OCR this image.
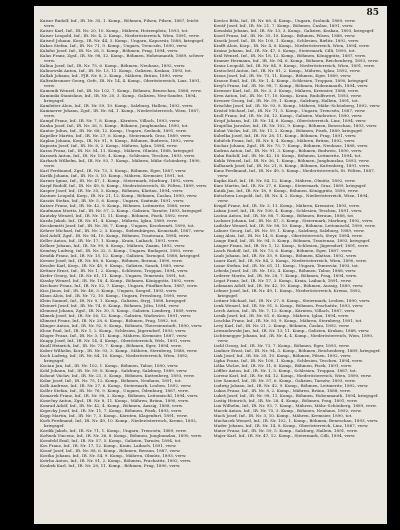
85

Kaiser Rudolf, Inf., IR. Nr. 35, 1. Komp., Böhmen, Pilsen, Pilsen, 1887, leicht verw.

Kaiser Karl, Inf., IR. Nr. 20, 10. Komp., Mähren, Hotzenplotz, 1893, tot.

Kaiser Leopold, Inf., IR. Nr. 4, 2. Komp., Niederösterreich, Wien, 1891, verw.

Kaiserl Johann, Korp., IR. Nr. 44, 3. Komp., Ungarn, Kaposvár, 1888, kriegsgef.

Kakos Stefan, Inf., IR. Nr. 71, 9. Komp., Ungarn, Trencsén, 1890, verw.

Kalafut Josef, Inf., IR. Nr. 28, 5. Komp., Böhmen, Prag, 1894, verw.

Kalas Franz, Zgsf., IR. Nr. 98, 12. Komp., Böhmen, Hohenmauth, 1889, schwer verw.

Kalina Josef, Inf., IR. Nr. 75, 6. Komp., Böhmen, Neuhaus, 1892, verw.

Kalinowski Anton, Inf., IR. Nr. 13, 11. Komp., Galizien, Krakau, 1893, tot.

Kallab Johann, Inf., FJB. Nr. 8, 2. Komp., Mähren, Brünn, 1890, verw.

Kaltenbrunner Georg, Gefr., IR. Nr. 14, 4. Komp., Oberösterreich, Linz, 1891, verw.

Kamenik Wenzel, Inf., IR. Nr. 102, 7. Komp., Böhmen, Beneschau, 1888, verw.

Kaminski Stanislaus, Inf., IR. Nr. 20, 3. Komp., Galizien, Neu-Sandez, 1894, kriegsgef.

Kamleiter Alois, Inf., IR. Nr. 59, 10. Komp., Salzburg, Hallein, 1892, verw.

Kammerer Johann, Zgsf., IR. Nr. 84, 1. Komp., Niederösterreich, Wien, 1887, verw.

Kampf Franz, Inf., IR. Nr. 7, 8. Komp., Kärnten, Villach, 1893, verw.

Kanka Josef, Inf., IR. Nr. 36, 5. Komp., Böhmen, Jungbunzlau, 1890, tot.

Kantor Julius, Inf., IR. Nr. 68, 12. Komp., Ungarn, Szolnok, 1891, verw.

Kapeller Martin, Inf., IR. Nr. 27, 6. Komp., Steiermark, Graz, 1889, verw.

Kaplan Johann, Korp., IR. Nr. 91, 9. Komp., Böhmen, Budweis, 1892, verw.

Kapusta Josef, Inf., IR. Nr. 8, 2. Komp., Mähren, Iglau, 1894, verw.

Karas Franz, Inf., IR. Nr. 54, 11. Komp., Mähren, Olmütz, 1888, kriegsgef.

Karasek Anton, Inf., IR. Nr. 100, 4. Komp., Schlesien, Teschen, 1893, verw.

Karbach Wilhelm, Inf., IR. Nr. 93, 7. Komp., Mähren, Mähr.-Schönberg, 1890, verw.

Karl Ferdinand, Zgsf., IR. Nr. 73, 3. Komp., Böhmen, Eger, 1887, verw.

Karlik Johann, Inf., IR. Nr. 3, 10. Komp., Mähren, Kremsier, 1891, tot.

Karner Ignaz, Inf., IR. Nr. 47, 1. Komp., Steiermark, Marburg, 1892, verw.

Karpf Rudolf, Inf., IR. Nr. 49, 8. Komp., Niederösterreich, St. Pölten, 1889, verw.

Kasper Josef, Inf., IR. Nr. 35, 5. Komp., Böhmen, Klattau, 1894, verw.

Kastner Leopold, Korp., IR. Nr. 21, 12. Komp., Böhmen, Časlau, 1890, verw.

Kaszás Stefan, Inf., IR. Nr. 5, 6. Komp., Ungarn, Szatmár, 1891, verw.

Katzer Franz, Inf., IR. Nr. 42, 9. Komp., Böhmen, Leitmeritz, 1888, verw.

Kaufmann Moritz, Inf., IR. Nr. 57, 2. Komp., Galizien, Tarnów, 1893, kriegsgef.

Kautzky Wenzel, Inf., IR. Nr. 11, 11. Komp., Böhmen, Pisek, 1892, verw.

Kazda Jakob, Inf., IR. Nr. 81, 4. Komp., Mähren, Iglau, 1889, verw.

Kecskeméti Josef, Inf., IR. Nr. 38, 7. Komp., Ungarn, Kecskemét, 1890, tot.

Kehrer Michael, Inf., IR. Nr. 2, 3. Komp., Siebenbürgen, Kronstadt, 1887, verw.

Keil Adolf, Zgsf., IR. Nr. 94, 10. Komp., Böhmen, Trautenau, 1894, verw.

Keller Anton, Inf., IR. Nr. 17, 1. Komp., Krain, Laibach, 1891, verw.

Kellner Johann, Inf., IR. Nr. 99, 8. Komp., Mähren, Znaim, 1892, verw.

Kemény Ludwig, Inf., IR. Nr. 32, 5. Komp., Ungarn, Budapest, 1893, verw.

Kendik Franz, Inf., IR. Nr. 15, 12. Komp., Galizien, Tarnopol, 1888, kriegsgef.

Kerner Josef, Inf., IR. Nr. 88, 6. Komp., Böhmen, Beraun, 1890, verw.

Kessler Karl, Korp., IR. Nr. 45, 9. Komp., Galizien, Sanok, 1889, verw.

Kettner Ernst, Inf., IR. Nr. 1, 2. Komp., Schlesien, Troppau, 1894, verw.

Kiefer Georg, Inf., IR. Nr. 61, 11. Komp., Ungarn, Temesvár, 1891, tot.

Kinsky Wenzel, Inf., IR. Nr. 18, 4. Komp., Böhmen, Königgrätz, 1892, verw.

Kirchner Franz, Inf., IR. Nr. 52, 7. Komp., Ungarn, Fünfkirchen, 1887, verw.

Kiss János, Inf., IR. Nr. 46, 3. Komp., Ungarn, Szeged, 1893, verw.

Klaus Alois, Inf., IR. Nr. 72, 10. Komp., Ungarn, Pressburg, 1890, verw.

Klein Samuel, Inf., IR. Nr. 9, 1. Komp., Galizien, Stryj, 1888, kriegsgef.

Kleinert Josef, Inf., IR. Nr. 74, 8. Komp., Böhmen, Jičin, 1894, verw.

Klement Johann, Zgsf., IR. Nr. 30, 5. Komp., Galizien, Lemberg, 1889, verw.

Klimek Josef, Inf., IR. Nr. 56, 12. Komp., Galizien, Wadowice, 1891, verw.

Kliment Franz, Inf., IR. Nr. 28, 6. Komp., Böhmen, Prag, 1892, tot.

Klinger Anton, Inf., IR. Nr. 92, 9. Komp., Böhmen, Theresienstadt, 1890, verw.

Klose Paul, Inf., IR. Nr. 1, 2. Komp., Schlesien, Jägerndorf, 1893, verw.

Kluger Franz, Inf., IR. Nr. 3, 11. Komp., Mähren, Kremsier, 1887, verw.

Knapp Josef, Inf., IR. Nr. 14, 4. Komp., Oberösterreich, Wels, 1891, verw.

Knoll Heinrich, Inf., IR. Nr. 73, 7. Komp., Böhmen, Eger, 1894, verw.

Kober Wilhelm, Korp., IR. Nr. 93, 3. Komp., Mähren, Sternberg, 1888, verw.

Koch Ludwig, Inf., IR. Nr. 84, 10. Komp., Niederösterreich, Wien, 1892, kriegsgef.

Kocian Jan, Inf., IR. Nr. 102, 1. Komp., Böhmen, Tabor, 1890, verw.

Kohl Johann, Inf., IR. Nr. 59, 8. Komp., Salzburg, Salzburg, 1889, verw.

Kohout Václav, Inf., IR. Nr. 21, 5. Komp., Böhmen, Kuttenberg, 1893, verw.

Kolar Josef, Inf., IR. Nr. 75, 12. Komp., Böhmen, Neuhaus, 1891, tot.

Kolb Andreas, Inf., IR. Nr. 27, 6. Komp., Steiermark, Leoben, 1892, verw.

Koller Stefan, Inf., IR. Nr. 76, 9. Komp., Ungarn, Ödenburg, 1887, verw.

Komarek Franz, Inf., IR. Nr. 98, 2. Komp., Böhmen, Leitomischl, 1894, verw.

Konečny Anton, Zgsf., IR. Nr. 8, 11. Komp., Mähren, Brünn, 1890, verw.

Konrad Adolf, Inf., IR. Nr. 42, 4. Komp., Böhmen, Aussig, 1888, verw.

Kopecky Josef, Inf., IR. Nr. 11, 7. Komp., Böhmen, Písek, 1893, verw.

Kopp Martin, Inf., IR. Nr. 7, 3. Komp., Kärnten, Klagenfurt, 1891, verw.

Korb Ferdinand, Inf., IR. Nr. 49, 10. Komp., Niederösterreich, Krems, 1892, kriegsgef.

Kordik Jakob, Inf., IR. Nr. 71, 1. Komp., Ungarn, Trencsén, 1889, verw.

Kořinek Vincenz, Inf., IR. Nr. 36, 8. Komp., Böhmen, Jungbunzlau, 1890, verw.

Kornfeld Emil, Inf., IR. Nr. 57, 5. Komp., Galizien, Tarnów, 1894, tot.

Kos Franz, Inf., IR. Nr. 17, 12. Komp., Krain, Laibach, 1891, verw.

Kosař Josef, Inf., IR. Nr. 88, 6. Komp., Böhmen, Beraun, 1887, verw.

Kostka Johann, Inf., IR. Nr. 54, 9. Komp., Mähren, Olmütz, 1893, verw.

Kotrba Anton, Inf., IR. Nr. 91, 2. Komp., Böhmen, Prachatitz, 1892, verw.

Koubek Karl, Inf., IR. Nr. 28, 11. Komp., Böhmen, Prag, 1890, verw.

Kovács Béla, Inf., IR. Nr. 68, 4. Komp., Ungarn, Szolnok, 1889, verw.

Kovář Josef, Inf., IR. Nr. 21, 7. Komp., Böhmen, Časlau, 1891, verw.

Kowalski Johann, Inf., IR. Nr. 13, 3. Komp., Galizien, Krakau, 1893, kriegsgef.

Kozel Franz, Inf., IR. Nr. 35, 10. Komp., Böhmen, Pilsen, 1888, verw.

Kracik Josef, Inf., IR. Nr. 100, 1. Komp., Schlesien, Bielitz, 1892, verw.

Krafft Alois, Korp., IR. Nr. 4, 8. Komp., Niederösterreich, Wien, 1894, verw.

Krainz Johann, Inf., IR. Nr. 47, 5. Komp., Steiermark, Cilli, 1890, tot.

Král Wenzel, Inf., IR. Nr. 18, 12. Komp., Böhmen, Königgrätz, 1887, verw.

Kramer Hermann, Inf., IR. Nr. 94, 6. Komp., Böhmen, Reichenberg, 1893, verw.

Kranz Leopold, Inf., IR. Nr. 84, 9. Komp., Niederösterreich, Wien, 1891, verw.

Kratochvil Anton, Inf., IR. Nr. 81, 2. Komp., Mähren, Iglau, 1892, verw.

Kraus Josef, Inf., IR. Nr. 73, 11. Komp., Böhmen, Eger, 1889, verw.

Krause Emil, Inf., IR. Nr. 1, 4. Komp., Schlesien, Troppau, 1890, kriegsgef.

Krejči Franz, Inf., IR. Nr. 98, 7. Komp., Böhmen, Hohenmauth, 1894, verw.

Kremser Karl, Inf., IR. Nr. 3, 3. Komp., Mähren, Kremsier, 1888, verw.

Kren Anton, Inf., IR. Nr. 17, 10. Komp., Krain, Rudolfswert, 1893, verw.

Kreuzer Georg, Inf., IR. Nr. 59, 1. Komp., Salzburg, Hallein, 1891, tot.

Krischke Josef, Inf., IR. Nr. 93, 8. Komp., Mähren, Mähr.-Schönberg, 1892, verw.

Kristof Michael, Inf., IR. Nr. 71, 5. Komp., Ungarn, Trencsén, 1887, verw.

Kroll Franz, Inf., IR. Nr. 56, 12. Komp., Galizien, Wadowice, 1890, verw.

Kropf Johann, Inf., IR. Nr. 14, 6. Komp., Oberösterreich, Linz, 1894, verw.

Krupička Jaroslav, Inf., IR. Nr. 102, 9. Komp., Böhmen, Beneschau, 1893, verw.

Kubat Václav, Inf., IR. Nr. 11, 2. Komp., Böhmen, Pisek, 1889, kriegsgef.

Kubelka Josef, Inf., IR. Nr. 28, 11. Komp., Böhmen, Prag, 1891, verw.

Kubiček Franz, Inf., IR. Nr. 8, 4. Komp., Mähren, Brünn, 1892, verw.

Kuchar Johann, Zgsf., IR. Nr. 75, 7. Komp., Böhmen, Neuhaus, 1888, verw.

Kudrna Anton, Inf., IR. Nr. 91, 3. Komp., Böhmen, Budweis, 1890, verw.

Kuhn Rudolf, Inf., IR. Nr. 42, 10. Komp., Böhmen, Leitmeritz, 1894, tot.

Kukla Wenzel, Inf., IR. Nr. 36, 1. Komp., Böhmen, Jungbunzlau, 1893, verw.

Kulhanek Josef, Inf., IR. Nr. 21, 8. Komp., Böhmen, Kuttenberg, 1891, verw.

Kunz Ferdinand, Inf., IR. Nr. 49, 5. Komp., Niederösterreich, St. Pölten, 1887, verw.

Kupka Karl, Inf., IR. Nr. 54, 12. Komp., Mähren, Olmütz, 1892, verw.

Kurz Martin, Inf., IR. Nr. 27, 6. Komp., Steiermark, Graz, 1889, kriegsgef.

Kuták Jan, Inf., IR. Nr. 18, 9. Komp., Böhmen, Königgrätz, 1890, verw.

Kutschera Leopold, Inf., IR. Nr. 4, 2. Komp., Niederösterreich, Wien, 1894, verw.

Kvapil Franz, Inf., IR. Nr. 3, 11. Komp., Mähren, Kremsier, 1893, verw.

Laban Josef, Inf., IR. Nr. 100, 4. Komp., Schlesien, Teschen, 1891, verw.

Lacina Anton, Inf., IR. Nr. 88, 7. Komp., Böhmen, Beraun, 1888, tot.

Lackner Johann, Inf., IR. Nr. 47, 3. Komp., Steiermark, Marburg, 1892, verw.

Ladislav Wenzel, Inf., IR. Nr. 98, 10. Komp., Böhmen, Leitomischl, 1890, verw.

Lahner Georg, Inf., IR. Nr. 59, 1. Komp., Salzburg, Salzburg, 1889, verw.

Lang Alois, Inf., IR. Nr. 14, 8. Komp., Oberösterreich, Steyr, 1894, verw.

Lange Emil, Inf., IR. Nr. 94, 5. Komp., Böhmen, Trautenau, 1893, kriegsgef.

Langer Franz, Inf., IR. Nr. 1, 12. Komp., Schlesien, Jägerndorf, 1891, verw.

Lasch Rudolf, Inf., IR. Nr. 73, 6. Komp., Böhmen, Eger, 1887, verw.

Laub Johann, Inf., IR. Nr. 35, 9. Komp., Böhmen, Klattau, 1892, verw.

Lauer Karl, Inf., IR. Nr. 84, 2. Komp., Niederösterreich, Wien, 1890, verw.

Lazar Stefan, Inf., IR. Nr. 61, 11. Komp., Ungarn, Temesvár, 1893, tot.

Lebeda Josef, Inf., IR. Nr. 102, 4. Komp., Böhmen, Tabor, 1888, verw.

Lederer Moritz, Inf., IR. Nr. 28, 7. Komp., Böhmen, Prag, 1894, verw.

Legat Franz, Inf., IR. Nr. 17, 3. Komp., Krain, Laibach, 1891, verw.

Lehmann Adolf, Inf., IR. Nr. 42, 10. Komp., Böhmen, Aussig, 1889, verw.

Lehner Josef, Inf., IR. Nr. 49, 1. Komp., Niederösterreich, Krems, 1892, kriegsgef.

Leitner Michael, Inf., IR. Nr. 27, 8. Komp., Steiermark, Leoben, 1890, verw.

Lenk Wenzel, Inf., IR. Nr. 91, 5. Komp., Böhmen, Prachatitz, 1893, verw.

Lerch Anton, Inf., IR. Nr. 7, 12. Komp., Kärnten, Villach, 1887, verw.

Lesák Josef, Inf., IR. Nr. 81, 6. Komp., Mähren, Iglau, 1894, verw.

Leschka Franz, Inf., IR. Nr. 93, 9. Komp., Mähren, Sternberg, 1891, tot.

Levý Karl, Inf., IR. Nr. 21, 2. Komp., Böhmen, Časlau, 1892, verw.

Lewandowski Jan, Inf., IR. Nr. 13, 11. Komp., Galizien, Krakau, 1888, verw.

Lichtenegger Johann, Inf., IR. Nr. 4, 4. Komp., Niederösterreich, Wien, 1890, verw.

Liebl Georg, Inf., IR. Nr. 73, 7. Komp., Böhmen, Eger, 1893, verw.

Lindner Ernst, Inf., IR. Nr. 94, 3. Komp., Böhmen, Reichenberg, 1889, kriegsgef.

Link Josef, Inf., IR. Nr. 35, 10. Komp., Böhmen, Pilsen, 1892, verw.

Lipka Franz, Inf., IR. Nr. 100, 1. Komp., Schlesien, Teschen, 1894, verw.

Liška Václav, Inf., IR. Nr. 11, 8. Komp., Böhmen, Pisek, 1891, verw.

Löffler Anton, Inf., IR. Nr. 1, 5. Komp., Schlesien, Troppau, 1887, tot.

Lorenz Karl, Inf., IR. Nr. 84, 12. Komp., Niederösterreich, Wien, 1890, verw.

Löw Samuel, Inf., IR. Nr. 57, 6. Komp., Galizien, Tarnów, 1893, verw.

Ludwig Johann, Inf., IR. Nr. 42, 9. Komp., Böhmen, Leitmeritz, 1892, verw.

Lukas Franz, Inf., IR. Nr. 8, 2. Komp., Mähren, Brünn, 1888, verw.

Lukeš Josef, Inf., IR. Nr. 98, 11. Komp., Böhmen, Hohenmauth, 1894, kriegsgef.

Lustig Heinrich, Inf., IR. Nr. 28, 4. Komp., Böhmen, Prag, 1891, verw.

Lux Wilhelm, Inf., IR. Nr. 93, 7. Komp., Mähren, Mähr.-Schönberg, 1889, verw.

Macek Anton, Inf., IR. Nr. 75, 3. Komp., Böhmen, Neuhaus, 1892, verw.

Mach Josef, Inf., IR. Nr. 3, 10. Komp., Mähren, Kremsier, 1890, tot.

Machacek Wenzel, Inf., IR. Nr. 102, 1. Komp., Böhmen, Beneschau, 1893, verw.

Mader Johann, Inf., IR. Nr. 14, 8. Komp., Oberösterreich, Linz, 1887, verw.

Maier Franz, Inf., IR. Nr. 59, 5. Komp., Salzburg, Hallein, 1891, verw.

Majer Karl, Inf., IR. Nr. 47, 12. Komp., Steiermark, Cilli, 1894, verw.
